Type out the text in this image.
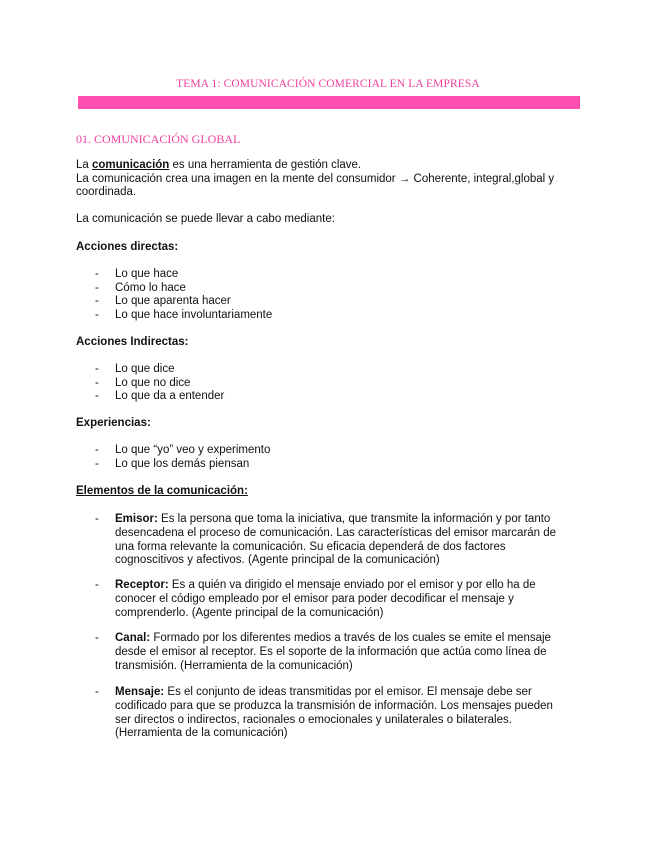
TEMA 1: COMUNICACIÓN COMERCIAL EN LA EMPRESA
01. COMUNICACIÓN GLOBAL
La comunicación es una herramienta de gestión clave.
La comunicación crea una imagen en la mente del consumidor → Coherente, integral,global y coordinada.
La comunicación se puede llevar a cabo mediante:
Acciones directas:
- Lo que hace
- Cómo lo hace
- Lo que aparenta hacer
- Lo que hace involuntariamente
Acciones Indirectas:
- Lo que dice
- Lo que no dice
- Lo que da a entender
Experiencias:
- Lo que “yo” veo y experimento
- Lo que los demás piensan
Elementos de la comunicación:
- Emisor: Es la persona que toma la iniciativa, que transmite la información y por tanto desencadena el proceso de comunicación. Las características del emisor marcarán de una forma relevante la comunicación. Su eficacia dependerá de dos factores cognoscitivos y afectivos. (Agente principal de la comunicación)
- Receptor: Es a quién va dirigido el mensaje enviado por el emisor y por ello ha de conocer el código empleado por el emisor para poder decodificar el mensaje y comprenderlo. (Agente principal de la comunicación)
- Canal: Formado por los diferentes medios a través de los cuales se emite el mensaje desde el emisor al receptor. Es el soporte de la información que actúa como línea de transmisión. (Herramienta de la comunicación)
- Mensaje: Es el conjunto de ideas transmitidas por el emisor. El mensaje debe ser codificado para que se produzca la transmisión de información. Los mensajes pueden ser directos o indirectos, racionales o emocionales y unilaterales o bilaterales. (Herramienta de la comunicación)
